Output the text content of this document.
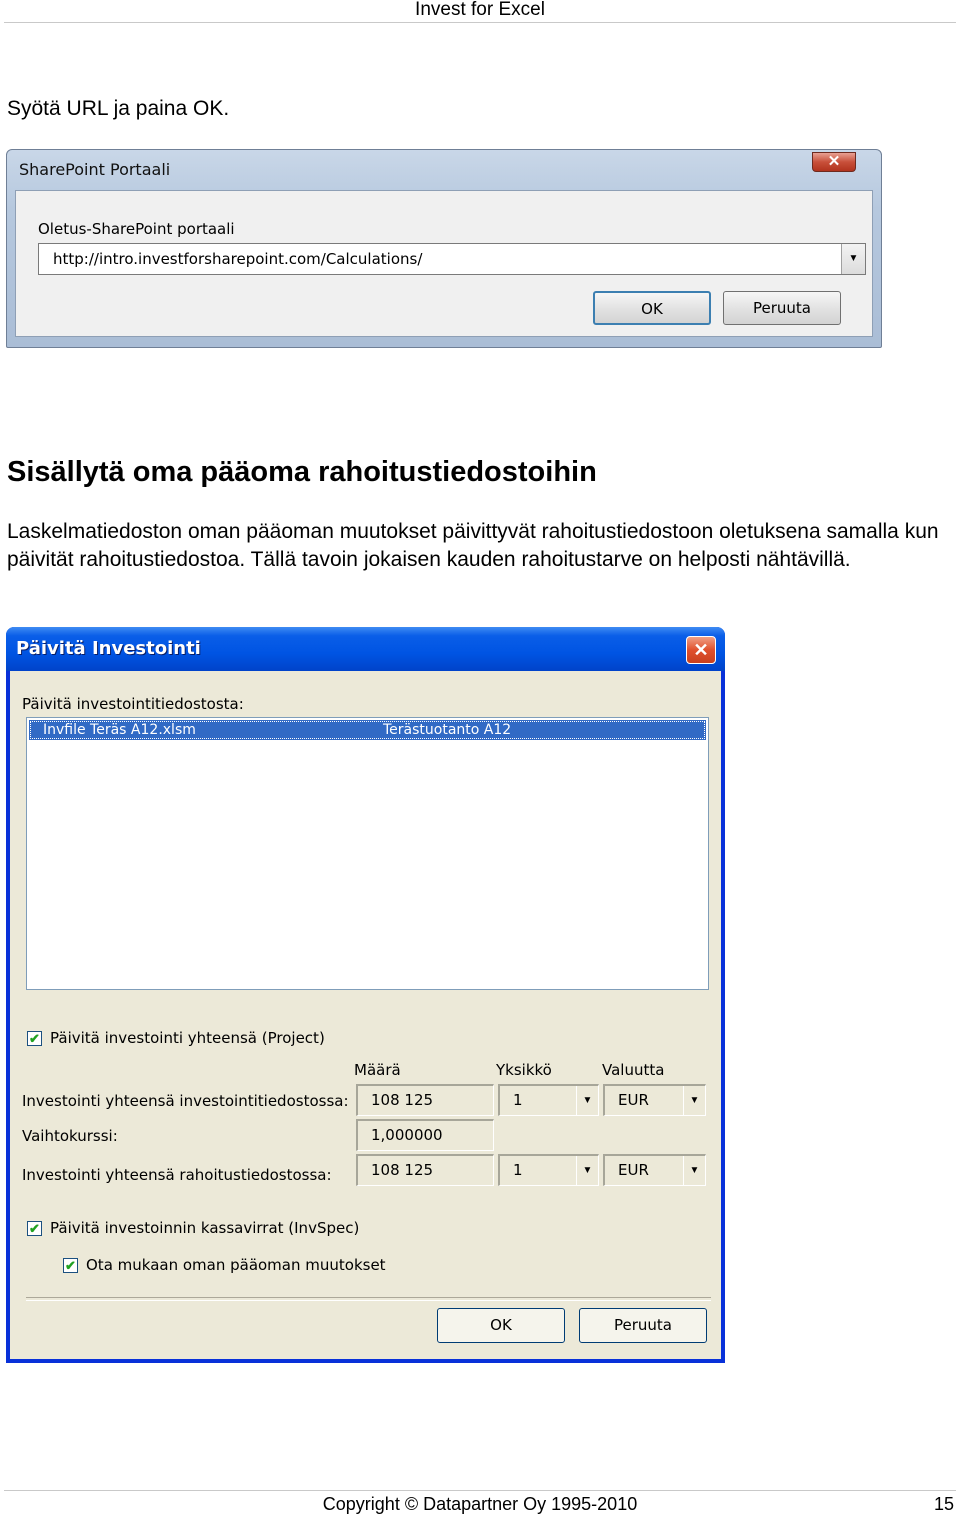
Invest for Excel
Syötä URL ja paina OK.
SharePoint Portaali	✕
Oletus-SharePoint portaali
http://intro.investforsharepoint.com/Calculations/	▼
OK	Peruuta
Sisällytä oma pääoma rahoitustiedostoihin
Laskelmatiedoston oman pääoman muutokset päivittyvät rahoitustiedostoon oletuksena samalla kun päivität rahoitustiedostoa. Tällä tavoin jokaisen kauden rahoitustarve on helposti nähtävillä.
Päivitä Investointi	✕
Päivitä investointitiedostosta:
Invfile Teräs A12.xlsm	Terästuotanto A12
✔ Päivitä investointi yhteensä (Project)
Määrä	Yksikkö	Valuutta
Investointi yhteensä investointitiedostossa: 108 125	1	▼	EUR	▼
Vaihtokurssi:	1,000000
Investointi yhteensä rahoitustiedostossa:	108 125	1	▼	EUR	▼
✔ Päivitä investoinnin kassavirrat (InvSpec)
✔ Ota mukaan oman pääoman muutokset
OK	Peruuta
Copyright © Datapartner Oy 1995-2010	15
